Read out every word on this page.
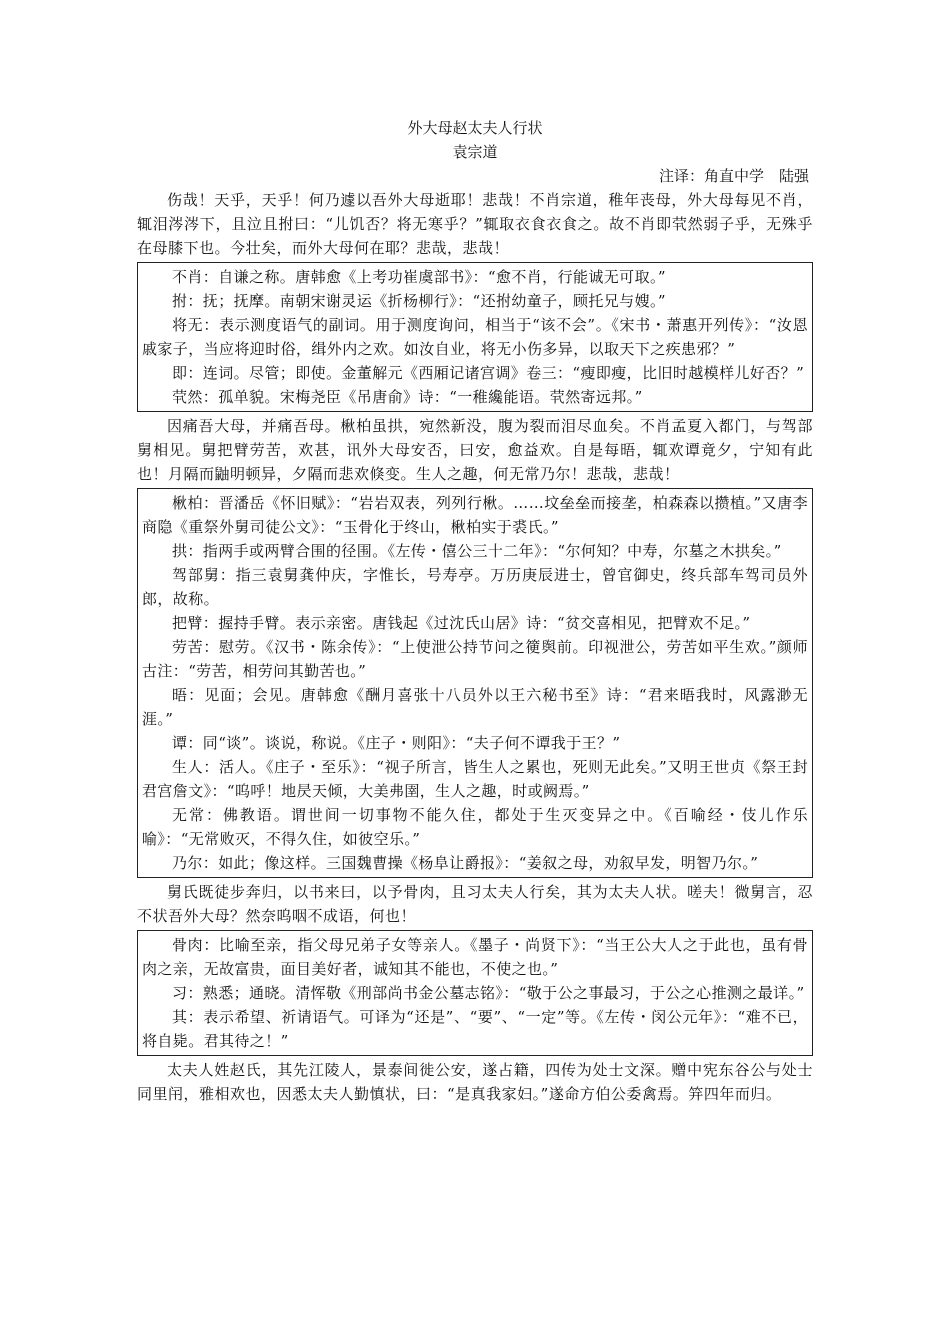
外大母赵太夫人行状
袁宗道
注译：角直中学　陆强

伤哉！天乎，天乎！何乃遽以吾外大母逝耶！悲哉！不肖宗道，稚年丧母，外大母每见不肖，辄泪涔涔下，且泣且拊曰：“儿饥否？将无寒乎？”辄取衣食衣食之。故不肖即茕然弱子乎，无殊乎在母膝下也。今壮矣，而外大母何在耶？悲哉，悲哉！

不肖：自谦之称。唐韩愈《上考功崔虞部书》：“愈不肖，行能诚无可取。”

拊：抚；抚摩。南朝宋谢灵运《折杨柳行》：“还拊幼童子，顾托兄与嫂。”

将无：表示测度语气的副词。用于测度询问，相当于“该不会”。《宋书・萧惠开列传》：“汝恩戚家子，当应将迎时俗，缉外内之欢。如汝自业，将无小伤多异，以取天下之疾患邪？”

即：连词。尽管；即使。金董解元《西厢记诸宫调》卷三：“瘦即瘦，比旧时越模样儿好否？”

茕然：孤单貌。宋梅尧臣《吊唐俞》诗：“一稚纔能语。茕然寄远邦。”

因痛吾大母，并痛吾母。楸柏虽拱，宛然新没，腹为裂而泪尽血矣。不肖孟夏入都门，与驾部舅相见。舅把臂劳苦，欢甚，讯外大母安否，曰安，愈益欢。自是每晤，辄欢谭竟夕，宁知有此也！月隔而鼬明顿异，夕隔而悲欢倏变。生人之趣，何无常乃尔！悲哉，悲哉！

楸柏：晋潘岳《怀旧赋》：“岩岩双表，列列行楸。……坟垒垒而接垄，柏森森以攒植。”又唐李商隐《重祭外舅司徒公文》：“玉骨化于终山，楸柏实于裘氏。”

拱：指两手或两臂合围的径围。《左传・僖公三十二年》：“尔何知？中寿，尔墓之木拱矣。”

驾部舅：指三袁舅龚仲庆，字惟长，号寿亭。万历庚辰进士，曾官御史，终兵部车驾司员外郎，故称。

把臂：握持手臂。表示亲密。唐钱起《过沈氏山居》诗：“贫交喜相见，把臂欢不足。”

劳苦：慰劳。《汉书・陈余传》：“上使泄公持节问之箯舆前。印视泄公，劳苦如平生欢。”颜师古注：“劳苦，相劳问其勤苦也。”

晤：见面；会见。唐韩愈《酬月喜张十八员外以王六秘书至》诗：“君来晤我时，风露渺无涯。”

谭：同“谈”。谈说，称说。《庄子・则阳》：“夫子何不谭我于王？”

生人：活人。《庄子・至乐》：“视子所言，皆生人之累也，死则无此矣。”又明王世贞《祭王封君宫詹文》：“呜呼！地昃天倾，大美弗圉，生人之趣，时或阙焉。”

无常：佛教语。谓世间一切事物不能久住，都处于生灭变异之中。《百喻经・伎儿作乐喻》：“无常败灭，不得久住，如彼空乐。”

乃尔：如此；像这样。三国魏曹操《杨阜让爵报》：“姜叙之母，劝叙早发，明智乃尔。”

舅氏既徒步奔归，以书来曰，以予骨肉，且习太夫人行矣，其为太夫人状。嗟夫！微舅言，忍不状吾外大母？然奈呜咽不成语，何也！

骨肉：比喻至亲，指父母兄弟子女等亲人。《墨子・尚贤下》：“当王公大人之于此也，虽有骨肉之亲，无故富贵，面目美好者，诚知其不能也，不使之也。”

习：熟悉；通晓。清恽敬《刑部尚书金公墓志铭》：“敬于公之事最习，于公之心推测之最详。”

其：表示希望、祈请语气。可译为“还是”、“要”、“一定”等。《左传・闵公元年》：“难不已，将自毙。君其待之！”

太夫人姓赵氏，其先江陵人，景泰间徙公安，遂占籍，四传为处士文深。赠中宪东谷公与处士同里闬，雅相欢也，因悉太夫人勤慎状，曰：“是真我家妇。”遂命方伯公委禽焉。笄四年而归。
